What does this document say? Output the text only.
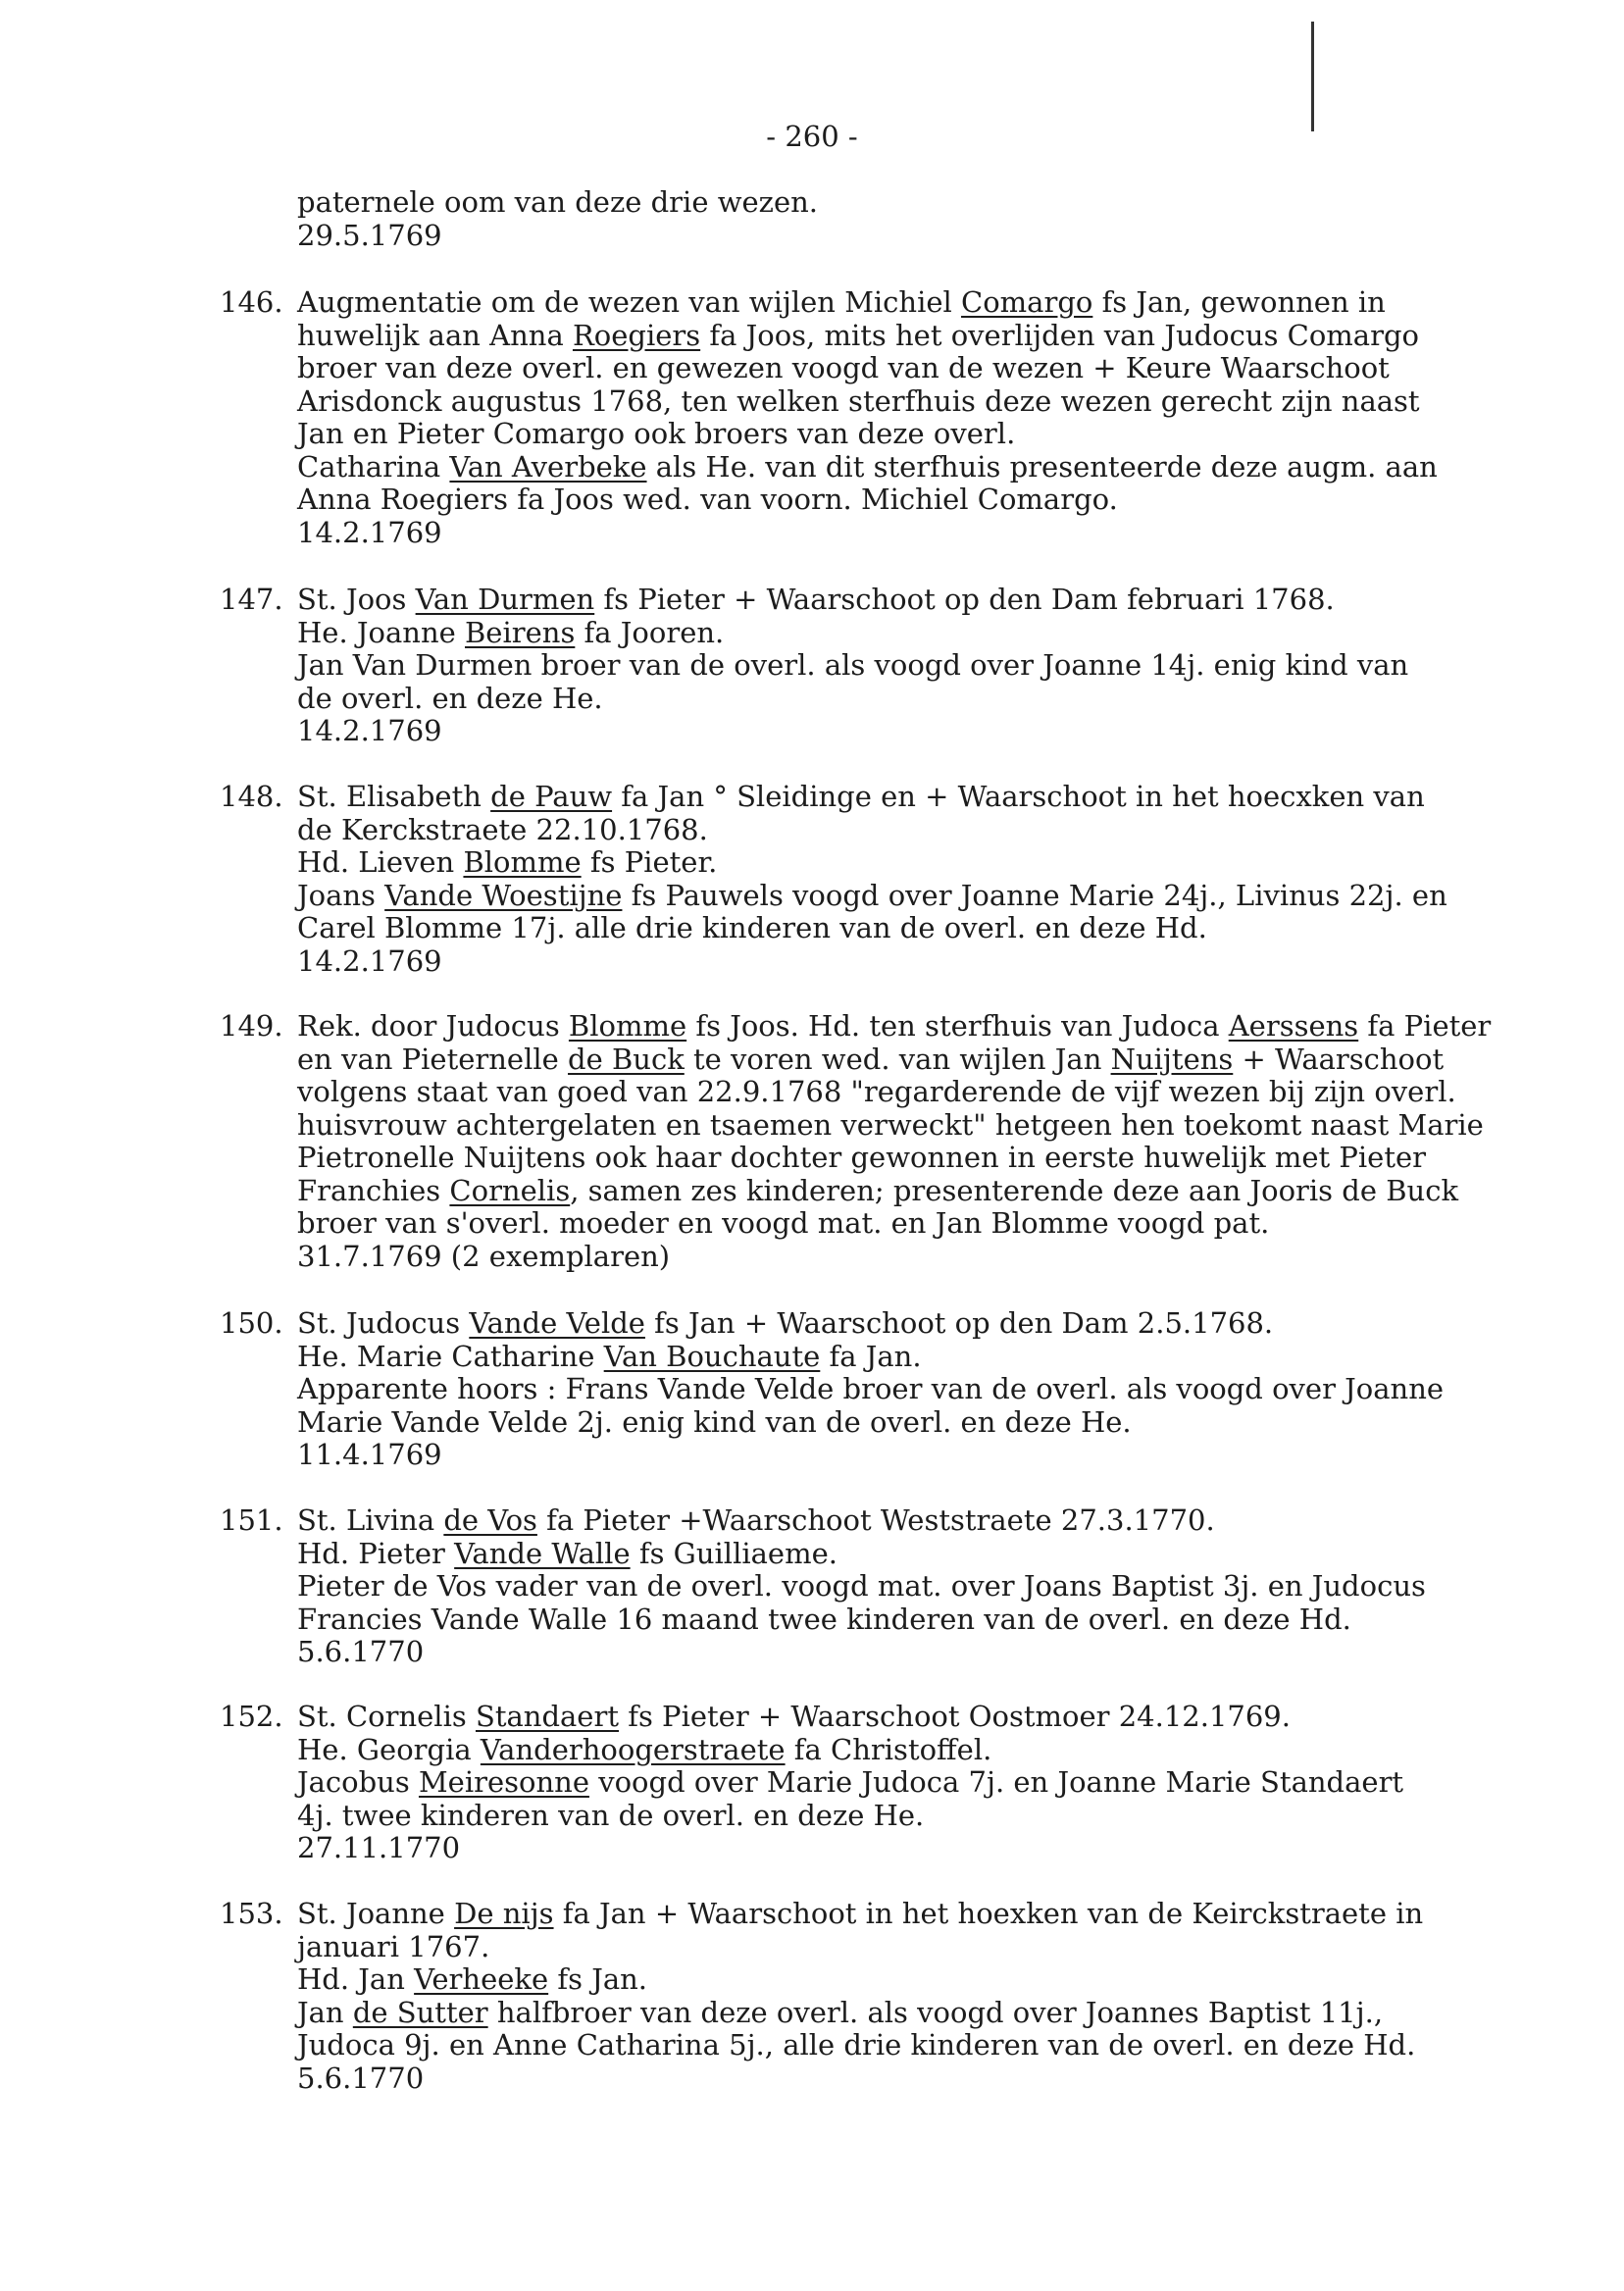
- 260 -
paternele oom van deze drie wezen.
29.5.1769
146. Augmentatie om de wezen van wijlen Michiel Comargo fs Jan, gewonnen in
huwelijk aan Anna Roegiers fa Joos, mits het overlijden van Judocus Comargo
broer van deze overl. en gewezen voogd van de wezen + Keure Waarschoot
Arisdonck augustus 1768, ten welken sterfhuis deze wezen gerecht zijn naast
Jan en Pieter Comargo ook broers van deze overl.
Catharina Van Averbeke als He. van dit sterfhuis presenteerde deze augm. aan
Anna Roegiers fa Joos wed. van voorn. Michiel Comargo.
14.2.1769
147. St. Joos Van Durmen fs Pieter + Waarschoot op den Dam februari 1768.
He. Joanne Beirens fa Jooren.
Jan Van Durmen broer van de overl. als voogd over Joanne 14j. enig kind van
de overl. en deze He.
14.2.1769
148. St. Elisabeth de Pauw fa Jan ° Sleidinge en + Waarschoot in het hoecxken van
de Kerckstraete 22.10.1768.
Hd. Lieven Blomme fs Pieter.
Joans Vande Woestijne fs Pauwels voogd over Joanne Marie 24j., Livinus 22j. en
Carel Blomme 17j. alle drie kinderen van de overl. en deze Hd.
14.2.1769
149. Rek. door Judocus Blomme fs Joos. Hd. ten sterfhuis van Judoca Aerssens fa Pieter
en van Pieternelle de Buck te voren wed. van wijlen Jan Nuijtens + Waarschoot
volgens staat van goed van 22.9.1768 "regarderende de vijf wezen bij zijn overl.
huisvrouw achtergelaten en tsaemen verweckt" hetgeen hen toekomt naast Marie
Pietronelle Nuijtens ook haar dochter gewonnen in eerste huwelijk met Pieter
Franchies Cornelis, samen zes kinderen; presenterende deze aan Jooris de Buck
broer van s'overl. moeder en voogd mat. en Jan Blomme voogd pat.
31.7.1769 (2 exemplaren)
150. St. Judocus Vande Velde fs Jan + Waarschoot op den Dam 2.5.1768.
He. Marie Catharine Van Bouchaute fa Jan.
Apparente hoors : Frans Vande Velde broer van de overl. als voogd over Joanne
Marie Vande Velde 2j. enig kind van de overl. en deze He.
11.4.1769
151. St. Livina de Vos fa Pieter +Waarschoot Weststraete 27.3.1770.
Hd. Pieter Vande Walle fs Guilliaeme.
Pieter de Vos vader van de overl. voogd mat. over Joans Baptist 3j. en Judocus
Francies Vande Walle 16 maand twee kinderen van de overl. en deze Hd.
5.6.1770
152. St. Cornelis Standaert fs Pieter + Waarschoot Oostmoer 24.12.1769.
He. Georgia Vanderhoogerstraete fa Christoffel.
Jacobus Meiresonne voogd over Marie Judoca 7j. en Joanne Marie Standaert
4j. twee kinderen van de overl. en deze He.
27.11.1770
153. St. Joanne De nijs fa Jan + Waarschoot in het hoexken van de Keirckstraete in
januari 1767.
Hd. Jan Verheeke fs Jan.
Jan de Sutter halfbroer van deze overl. als voogd over Joannes Baptist 11j.,
Judoca 9j. en Anne Catharina 5j., alle drie kinderen van de overl. en deze Hd.
5.6.1770
